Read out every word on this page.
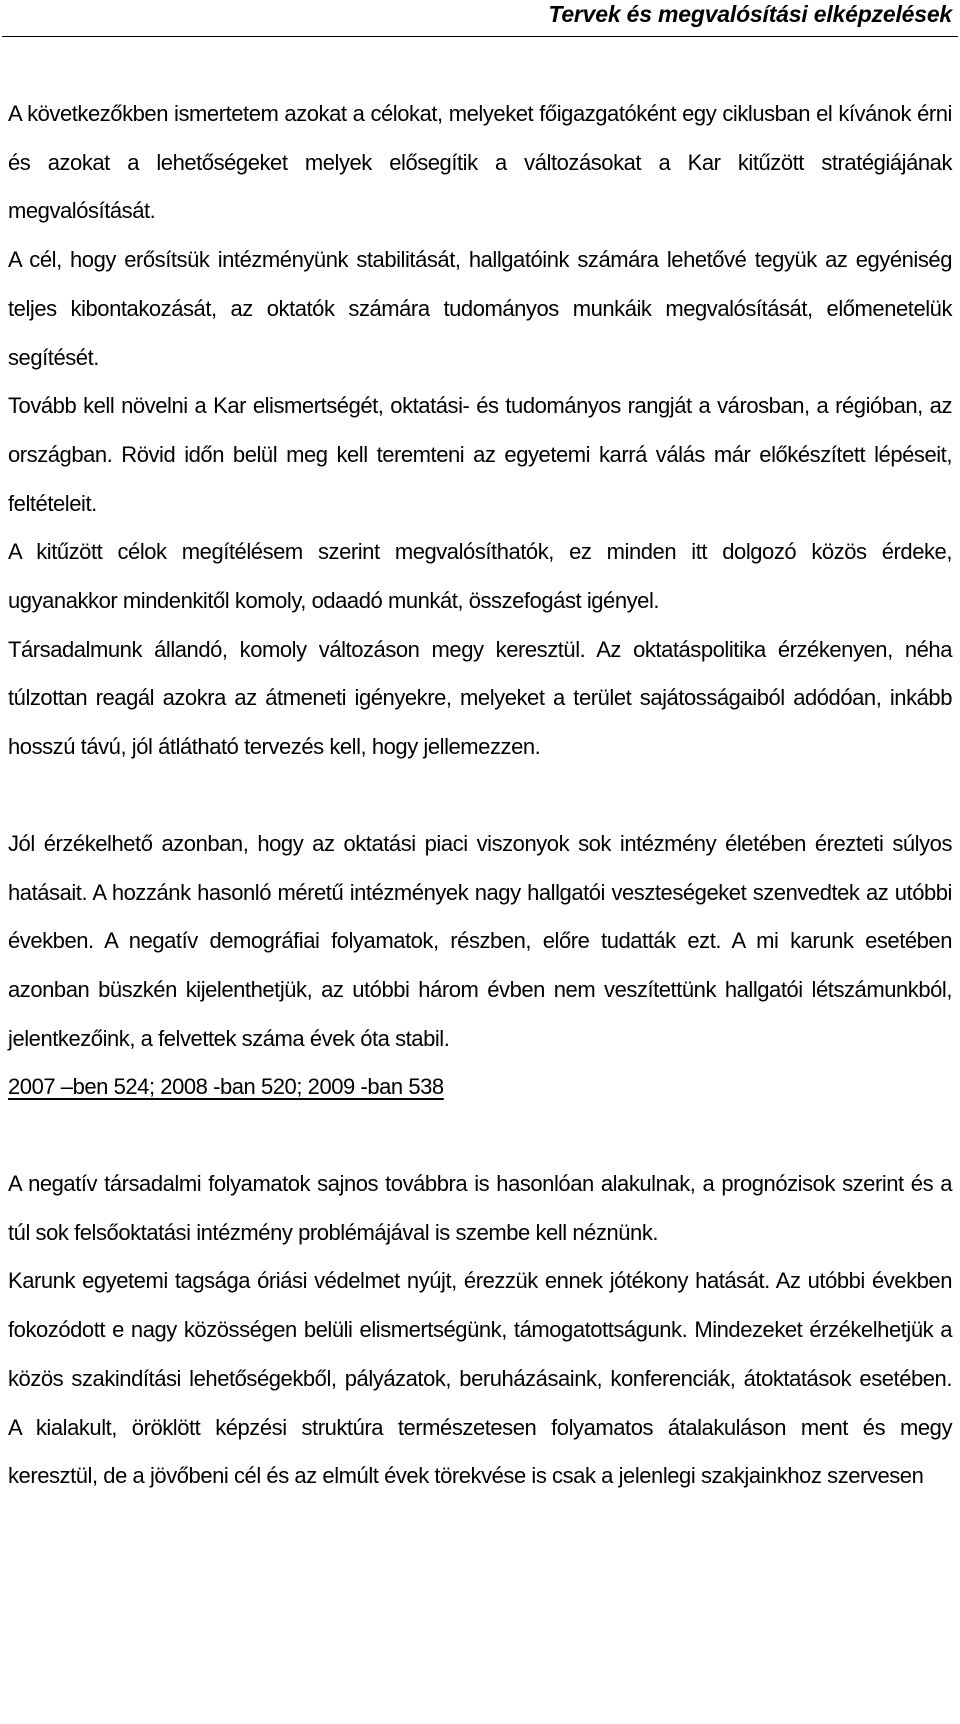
Tervek és megvalósítási elképzelések

A következőkben ismertetem azokat a célokat, melyeket főigazgatóként egy ciklusban el kívánok érni és azokat a lehetőségeket melyek elősegítik a változásokat a Kar kitűzött stratégiájának megvalósítását.

A cél, hogy erősítsük intézményünk stabilitását, hallgatóink számára lehetővé tegyük az egyéniség teljes kibontakozását, az oktatók számára tudományos munkáik megvalósítását, előmenetelük segítését.

Tovább kell növelni a Kar elismertségét, oktatási- és tudományos rangját a városban, a régióban, az országban. Rövid időn belül meg kell teremteni az egyetemi karrá válás már előkészített lépéseit, feltételeit.

A kitűzött célok megítélésem szerint megvalósíthatók, ez minden itt dolgozó közös érdeke, ugyanakkor mindenkitől komoly, odaadó munkát, összefogást igényel.

Társadalmunk állandó, komoly változáson megy keresztül. Az oktatáspolitika érzékenyen, néha túlzottan reagál azokra az átmeneti igényekre, melyeket a terület sajátosságaiból adódóan, inkább hosszú távú, jól átlátható tervezés kell, hogy jellemezzen.

Jól érzékelhető azonban, hogy az oktatási piaci viszonyok sok intézmény életében érezteti súlyos hatásait. A hozzánk hasonló méretű intézmények nagy hallgatói veszteségeket szenvedtek az utóbbi években. A negatív demográfiai folyamatok, részben, előre tudatták ezt. A mi karunk esetében azonban büszkén kijelenthetjük, az utóbbi három évben nem veszítettünk hallgatói létszámunkból, jelentkezőink, a felvettek száma évek óta stabil.

2007 –ben 524; 2008 -ban 520; 2009 -ban 538

A negatív társadalmi folyamatok sajnos továbbra is hasonlóan alakulnak, a prognózisok szerint és a túl sok felsőoktatási intézmény problémájával is szembe kell néznünk.

Karunk egyetemi tagsága óriási védelmet nyújt, érezzük ennek jótékony hatását. Az utóbbi években fokozódott e nagy közösségen belüli elismertségünk, támogatottságunk. Mindezeket érzékelhetjük a közös szakindítási lehetőségekből, pályázatok, beruházásaink, konferenciák, átoktatások esetében. A kialakult, öröklött képzési struktúra természetesen folyamatos átalakuláson ment és megy keresztül, de a jövőbeni cél és az elmúlt évek törekvése is csak a jelenlegi szakjainkhoz szervesen
